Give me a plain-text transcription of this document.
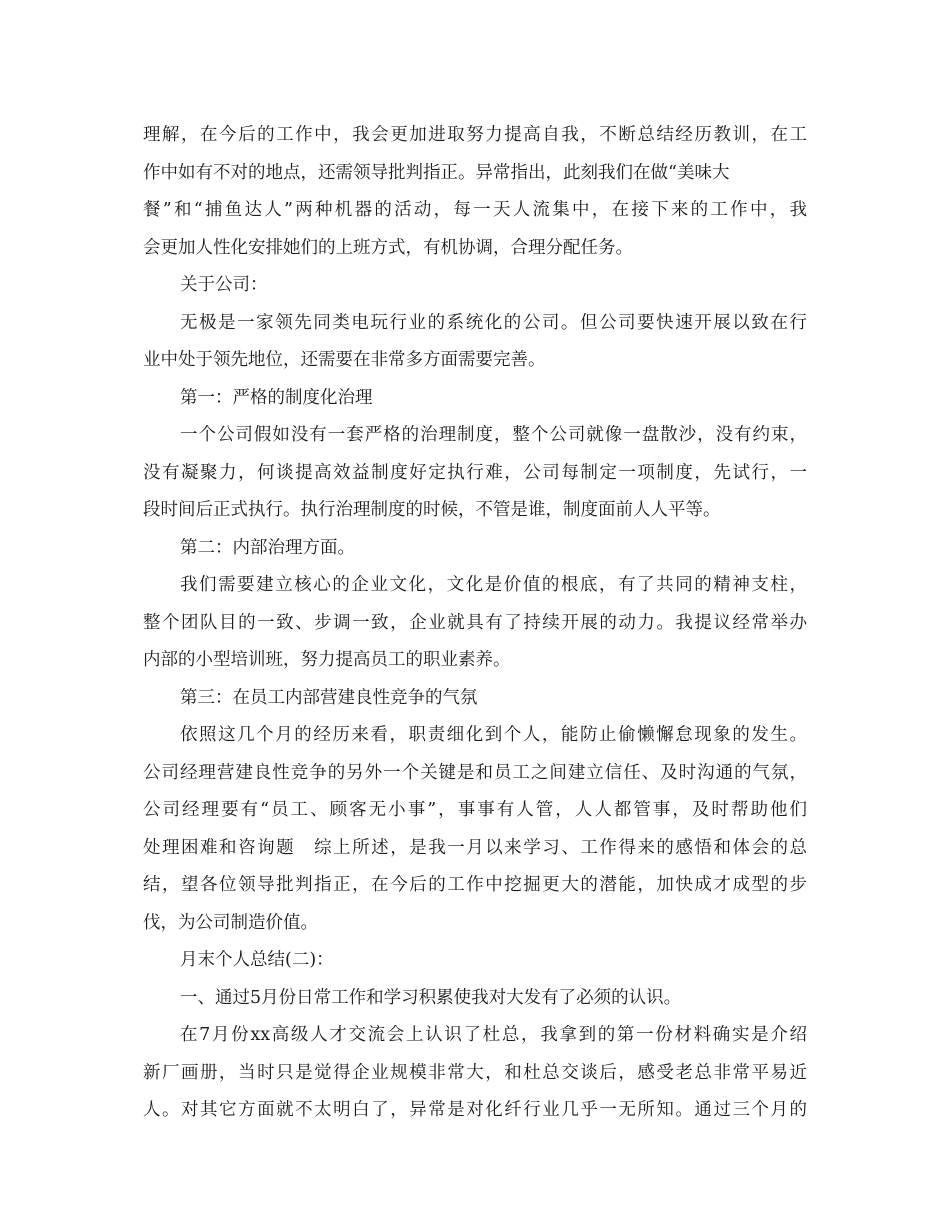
理解，在今后的工作中，我会更加进取努力提高自我，不断总结经历教训，在工
作中如有不对的地点，还需领导批判指正。异常指出，此刻我们在做“美味大
餐”和“捕鱼达人”两种机器的活动，每一天人流集中，在接下来的工作中，我
会更加人性化安排她们的上班方式，有机协调，合理分配任务。
关于公司：
无极是一家领先同类电玩行业的系统化的公司。但公司要快速开展以致在行
业中处于领先地位，还需要在非常多方面需要完善。
第一：严格的制度化治理
一个公司假如没有一套严格的治理制度，整个公司就像一盘散沙，没有约束，
没有凝聚力，何谈提高效益制度好定执行难，公司每制定一项制度，先试行，一
段时间后正式执行。执行治理制度的时候，不管是谁，制度面前人人平等。
第二：内部治理方面。
我们需要建立核心的企业文化，文化是价值的根底，有了共同的精神支柱，
整个团队目的一致、步调一致，企业就具有了持续开展的动力。我提议经常举办
内部的小型培训班，努力提高员工的职业素养。
第三：在员工内部营建良性竞争的气氛
依照这几个月的经历来看，职责细化到个人，能防止偷懒懈怠现象的发生。
公司经理营建良性竞争的另外一个关键是和员工之间建立信任、及时沟通的气氛，
公司经理要有“员工、顾客无小事”，事事有人管，人人都管事，及时帮助他们
处理困难和咨询题　综上所述，是我一月以来学习、工作得来的感悟和体会的总
结，望各位领导批判指正，在今后的工作中挖掘更大的潜能，加快成才成型的步
伐，为公司制造价值。
月末个人总结(二)：
一、通过5月份日常工作和学习积累使我对大发有了必须的认识。
在7月份xx高级人才交流会上认识了杜总，我拿到的第一份材料确实是介绍
新厂画册，当时只是觉得企业规模非常大，和杜总交谈后，感受老总非常平易近
人。对其它方面就不太明白了，异常是对化纤行业几乎一无所知。通过三个月的
